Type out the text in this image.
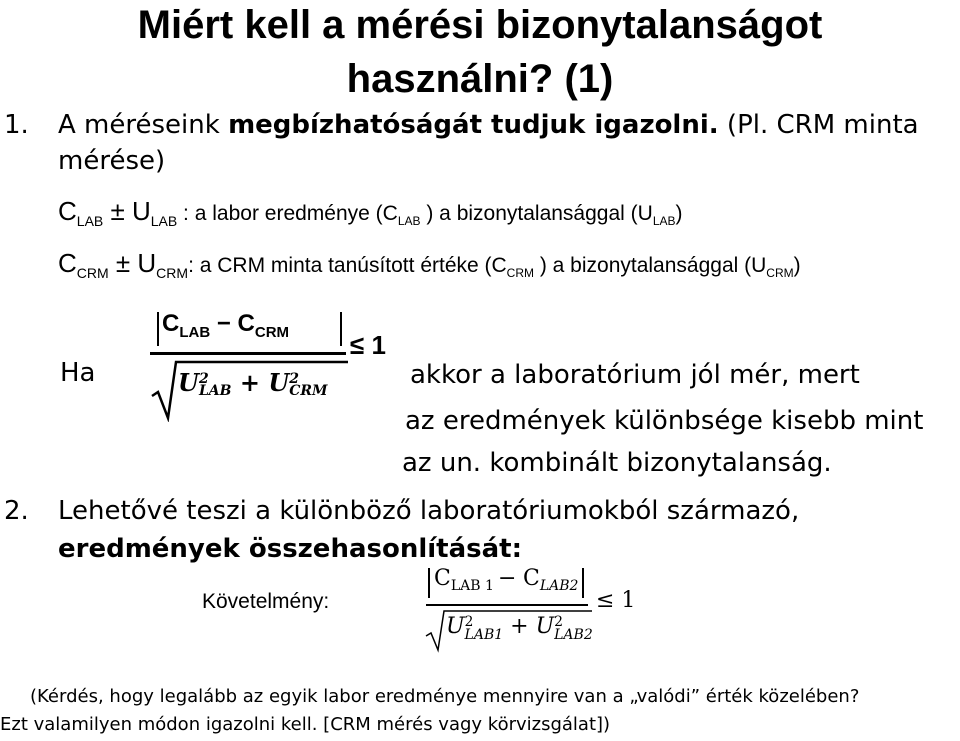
Miért kell a mérési bizonytalanságot
használni? (1)
1. A méréseink megbízhatóságát tudjuk igazolni. (Pl. CRM minta
mérése)
$C_{LAB} \pm U_{LAB}$ : a labor eredménye ($C_{LAB}$ ) a bizonytalansággal $(U_{LAB})$
$C_{CRM} \pm U_{CRM}$: a CRM minta tanúsított értéke ($C_{CRM}$ ) a bizonytalansággal $(U_{CRM})$
Ha
$C_{LAB} - C_{CRM} \le 1$
U2
LAB + U2
CRM
akkor a laboratórium jól mér, mert
az eredmények különbsége kisebb mint
az un. kombinált bizonytalanság.
2. Lehetővé teszi a különböző laboratóriumokból származó,
eredmények összehasonlítását:
Követelmény:
$C_{LAB 1} - C_{LAB2}$
≤ 1
U2
LAB1 + U2
LAB2
(Kérdés, hogy legalább az egyik labor eredménye mennyire van a „valódi” érték közelében?
Ezt valamilyen módon igazolni kell. [CRM mérés vagy körvizsgálat])
